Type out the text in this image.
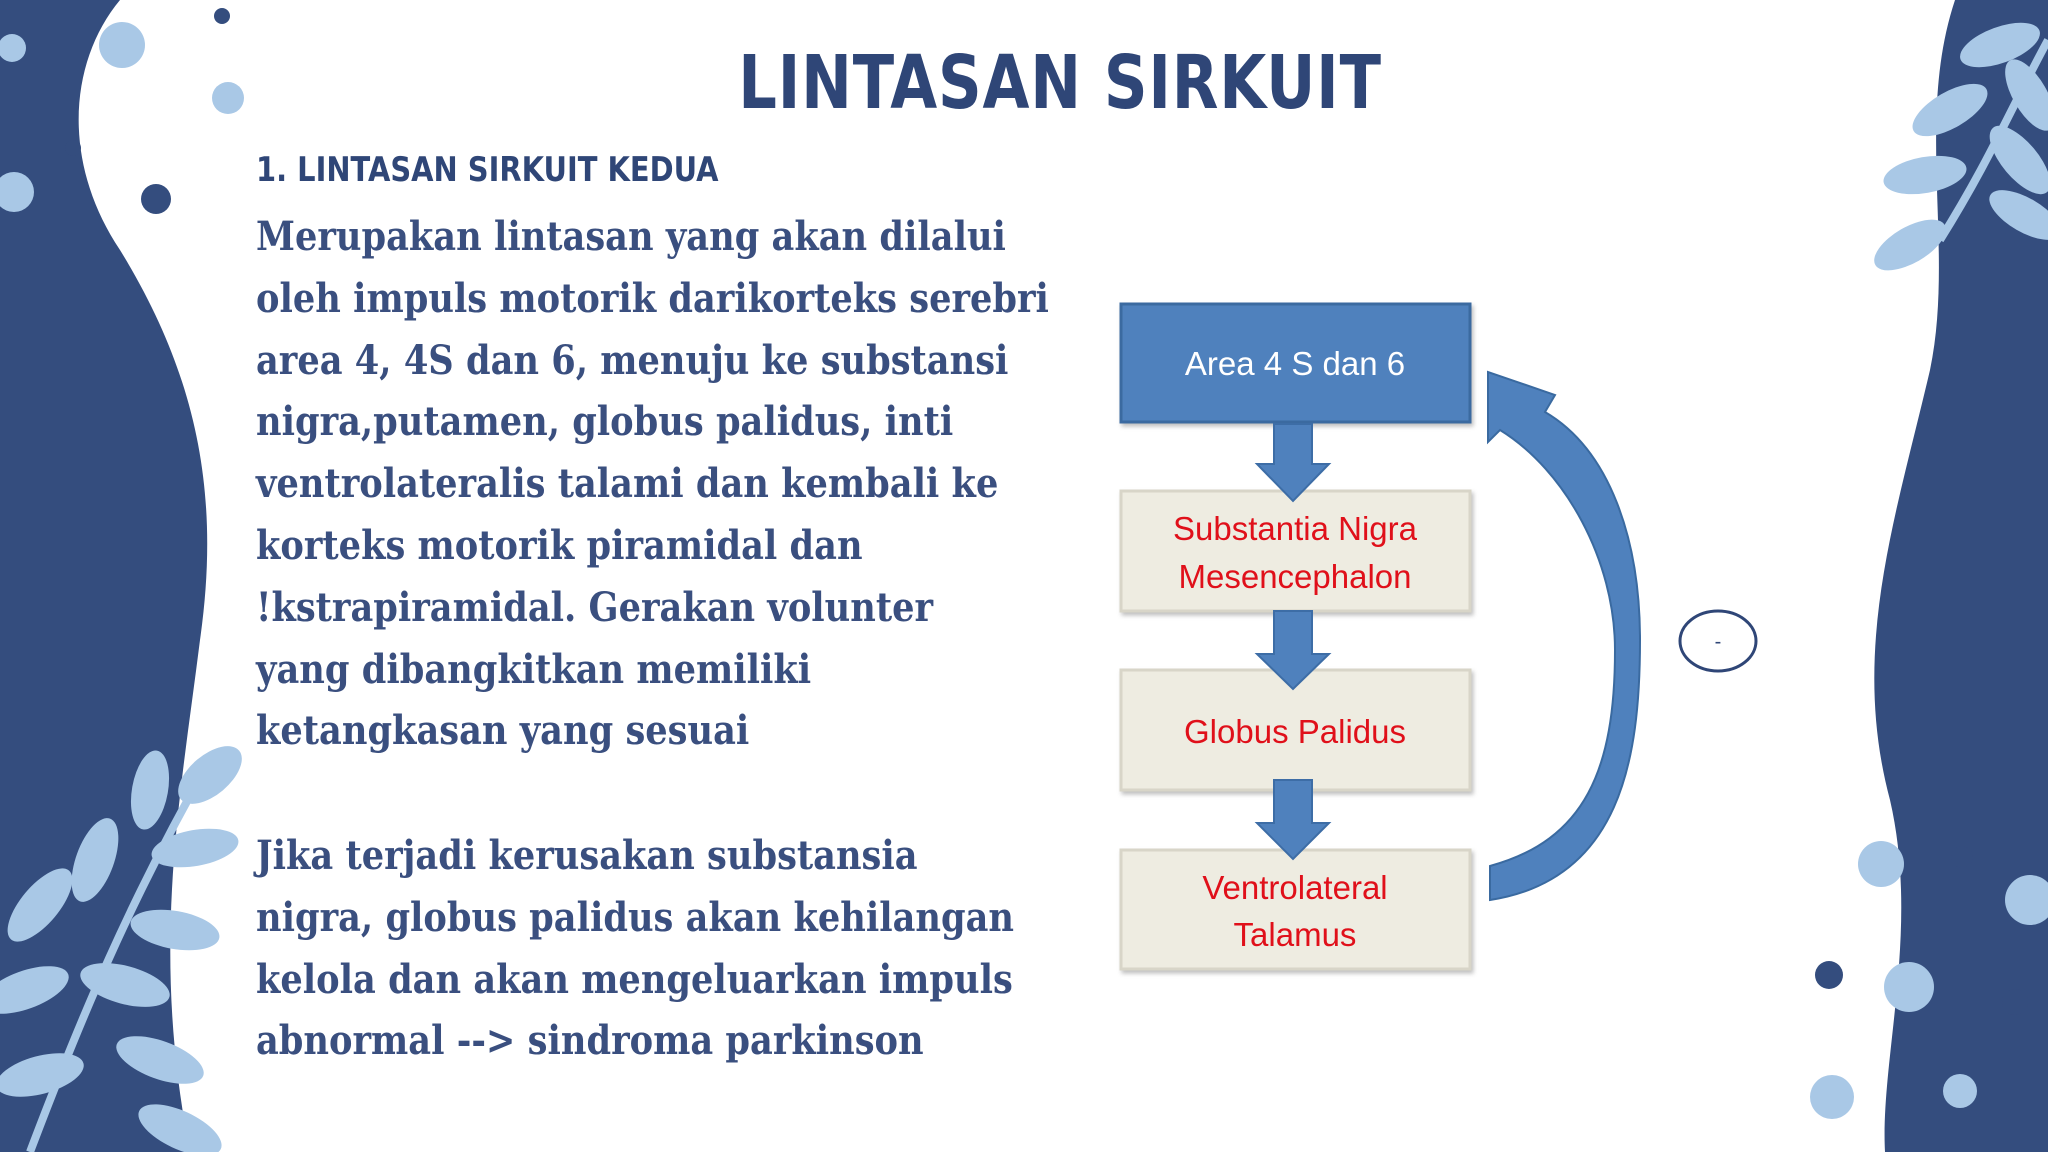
LINTASAN SIRKUIT
1. LINTASAN SIRKUIT KEDUA

Merupakan lintasan yang akan dilalui
oleh impuls motorik darikorteks serebri
area 4, 4S dan 6, menuju ke substansi
nigra,putamen, globus palidus, inti
ventrolateralis talami dan kembali ke
korteks motorik piramidal dan
!kstrapiramidal. Gerakan volunter
yang dibangkitkan memiliki
ketangkasan yang sesuai

Jika terjadi kerusakan substansia
nigra, globus palidus akan kehilangan
kelola dan akan mengeluarkan impuls
abnormal --> sindroma parkinson

Area 4 S dan 6
Substantia Nigra
Mesencephalon
Globus Palidus
Ventrolateral
Talamus
-
